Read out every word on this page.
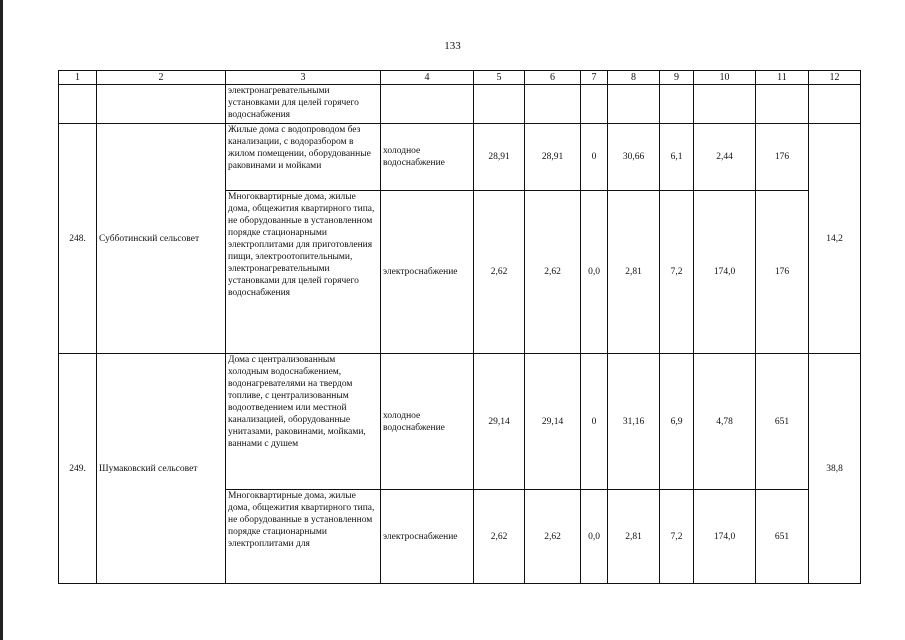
133
1	2	3	4	5	6	7	8	9	10	11	12
		электронагревательными установками для целей горячего водоснабжения									
248.	Субботинский сельсовет	Жилые дома с водопроводом без канализации, с водоразбором в жилом помещении, оборудованные раковинами и мойками	холодное водоснабжение	28,91	28,91	0	30,66	6,1	2,44	176	14,2
		Многоквартирные дома, жилые дома, общежития квартирного типа, не оборудованные в установленном порядке стационарными электроплитами для приготовления пищи, электроотопительными, электронагревательными установками для целей горячего водоснабжения	электроснабжение	2,62	2,62	0,0	2,81	7,2	174,0	176	
249.	Шумаковский сельсовет	Дома с централизованным холодным водоснабжением, водонагревателями на твердом топливе, с централизованным водоотведением или местной канализацией, оборудованные унитазами, раковинами, мойками, ваннами с душем	холодное водоснабжение	29,14	29,14	0	31,16	6,9	4,78	651	38,8
		Многоквартирные дома, жилые дома, общежития квартирного типа, не оборудованные в установленном порядке стационарными электроплитами для	электроснабжение	2,62	2,62	0,0	2,81	7,2	174,0	651	
